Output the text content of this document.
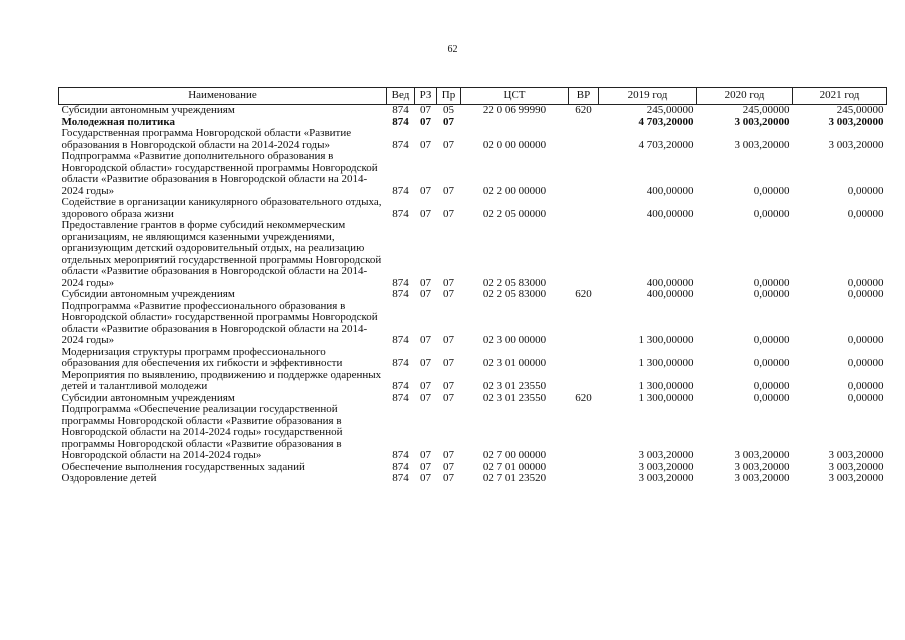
62
Наименование	Вед	РЗ	Пр	ЦСТ	ВР	2019 год	2020 год	2021 год
Субсидии автономным учреждениям	874	07	05	22 0 06 99990	620	245,00000	245,00000	245,00000
Молодежная политика	874	07	07			4 703,20000	3 003,20000	3 003,20000
Государственная программа Новгородской области «Развитие образования в Новгородской области на 2014-2024 годы»	874	07	07	02 0 00 00000		4 703,20000	3 003,20000	3 003,20000
Подпрограмма «Развитие дополнительного образования в Новгородской области» государственной программы Новгородской области «Развитие образования в Новгородской области на 2014-2024 годы»	874	07	07	02 2 00 00000		400,00000	0,00000	0,00000
Содействие в организации каникулярного образовательного отдыха, здорового образа жизни	874	07	07	02 2 05 00000		400,00000	0,00000	0,00000
Предоставление грантов в форме субсидий некоммерческим организациям, не являющимся казенными учреждениями, организующим детский оздоровительный отдых, на реализацию отдельных мероприятий государственной программы Новгородской области «Развитие образования в Новгородской области на 2014-2024 годы»	874	07	07	02 2 05 83000		400,00000	0,00000	0,00000
Субсидии автономным учреждениям	874	07	07	02 2 05 83000	620	400,00000	0,00000	0,00000
Подпрограмма «Развитие профессионального образования в Новгородской области» государственной программы Новгородской области «Развитие образования в Новгородской области на 2014-2024 годы»	874	07	07	02 3 00 00000		1 300,00000	0,00000	0,00000
Модернизация структуры программ профессионального образования для обеспечения их гибкости и эффективности	874	07	07	02 3 01 00000		1 300,00000	0,00000	0,00000
Мероприятия по выявлению, продвижению и поддержке одаренных детей и талантливой молодежи	874	07	07	02 3 01 23550		1 300,00000	0,00000	0,00000
Субсидии автономным учреждениям	874	07	07	02 3 01 23550	620	1 300,00000	0,00000	0,00000
Подпрограмма «Обеспечение реализации государственной программы Новгородской области «Развитие образования в Новгородской области на 2014-2024 годы» государственной программы Новгородской области «Развитие образования в Новгородской области на 2014-2024 годы»	874	07	07	02 7 00 00000		3 003,20000	3 003,20000	3 003,20000
Обеспечение выполнения государственных заданий	874	07	07	02 7 01 00000		3 003,20000	3 003,20000	3 003,20000
Оздоровление детей	874	07	07	02 7 01 23520		3 003,20000	3 003,20000	3 003,20000
